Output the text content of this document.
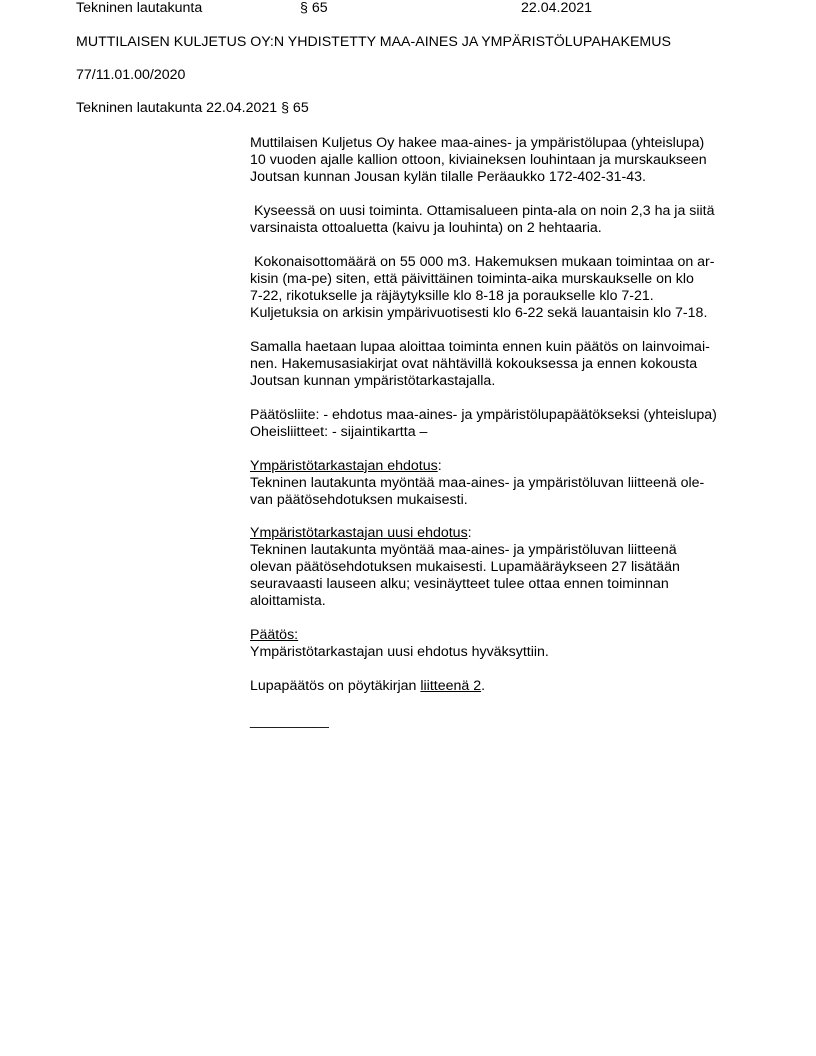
Tekninen lautakunta	§ 65	22.04.2021
MUTTILAISEN KULJETUS OY:N YHDISTETTY MAA-AINES JA YMPÄRISTÖLUPAHAKEMUS
77/11.01.00/2020
Tekninen lautakunta 22.04.2021 § 65
Muttilaisen Kuljetus Oy hakee maa-aines- ja ympäristölupaa (yhteislupa)
10 vuoden ajalle kallion ottoon, kiviaineksen louhintaan ja murskaukseen
Joutsan kunnan Jousan kylän tilalle Peräaukko 172-402-31-43.
Kyseessä on uusi toiminta. Ottamisalueen pinta-ala on noin 2,3 ha ja siitä
varsinaista ottoaluetta (kaivu ja louhinta) on 2 hehtaaria.
Kokonaisottomäärä on 55 000 m3. Hakemuksen mukaan toimintaa on ar-
kisin (ma-pe) siten, että päivittäinen toiminta-aika murskaukselle on klo
7-22, rikotukselle ja räjäytyksille klo 8-18 ja poraukselle klo 7-21.
Kuljetuksia on arkisin ympärivuotisesti klo 6-22 sekä lauantaisin klo 7-18.
Samalla haetaan lupaa aloittaa toiminta ennen kuin päätös on lainvoimai-
nen. Hakemusasiakirjat ovat nähtävillä kokouksessa ja ennen kokousta
Joutsan kunnan ympäristötarkastajalla.
Päätösliite: - ehdotus maa-aines- ja ympäristölupapäätökseksi (yhteislupa)
Oheisliitteet: - sijaintikartta –
Ympäristötarkastajan ehdotus:
Tekninen lautakunta myöntää maa-aines- ja ympäristöluvan liitteenä ole-
van päätösehdotuksen mukaisesti.
Ympäristötarkastajan uusi ehdotus:
Tekninen lautakunta myöntää maa-aines- ja ympäristöluvan liitteenä
olevan päätösehdotuksen mukaisesti. Lupamääräykseen 27 lisätään
seuravaasti lauseen alku; vesinäytteet tulee ottaa ennen toiminnan
aloittamista.
Päätös:
Ympäristötarkastajan uusi ehdotus hyväksyttiin.
Lupapäätös on pöytäkirjan liitteenä 2.
__________
